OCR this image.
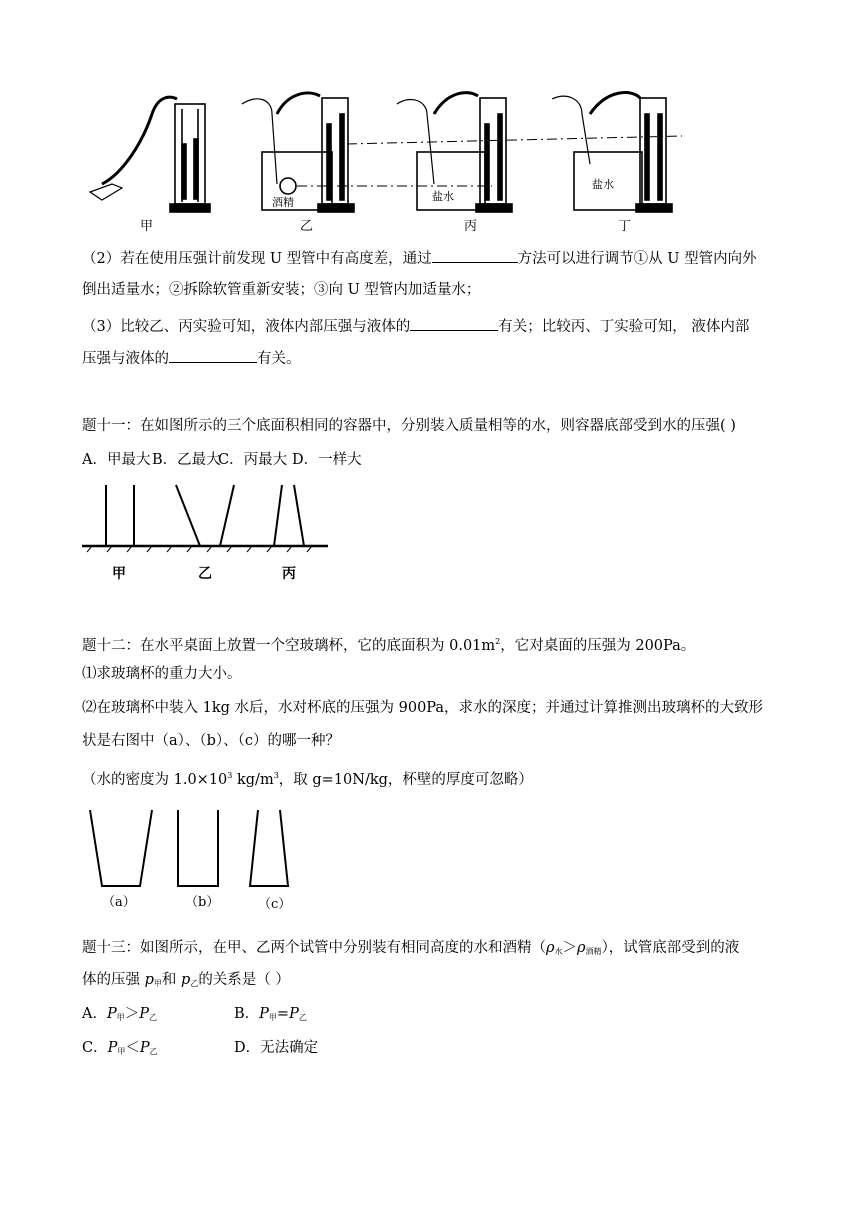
甲	乙	丙	丁
酒精	盐水
盐水
（2）若在使用压强计前发现 U 型管中有高度差，通过	方法可以进行调节①从 U 型管内向外
倒出适量水；②拆除软管重新安装；③向 U 型管内加适量水；
（3）比较乙、丙实验可知，液体内部压强与液体的	有关；比较丙、丁实验可知， 液体内部
压强与液体的	有关。
题十一：在如图所示的三个底面积相同的容器中，分别装入质量相等的水，则容器底部受到水的压强( )
A．甲最大 B．乙最大C．丙最大 D．一样大
甲	乙	丙
题十二：在水平桌面上放置一个空玻璃杯，它的底面积为 $0.01m^2$，它对桌面的压强为 200Pa。
⑴求玻璃杯的重力大小。
⑵在玻璃杯中装入 1kg 水后，水对杯底的压强为 900Pa，求水的深度；并通过计算推测出玻璃杯的大致形
状是右图中（a）、（b）、（c）的哪一种？
（水的密度为 $1.0\times 10^3$ $kg/m^3$，取 g=10N/kg，杯壁的厚度可忽略）
（a）	（b）	（c）
题十三：如图所示，在甲、乙两个试管中分别装有相同高度的水和酒精$(\rho_水>\rho_{酒精})$，试管底部受到的液
体的压强 $p_甲$和 $p_乙$的关系是（ ）
A．$P_甲>P_乙$	B．$P_甲=P_乙$
C．$P_甲<P_乙$	D．无法确定
